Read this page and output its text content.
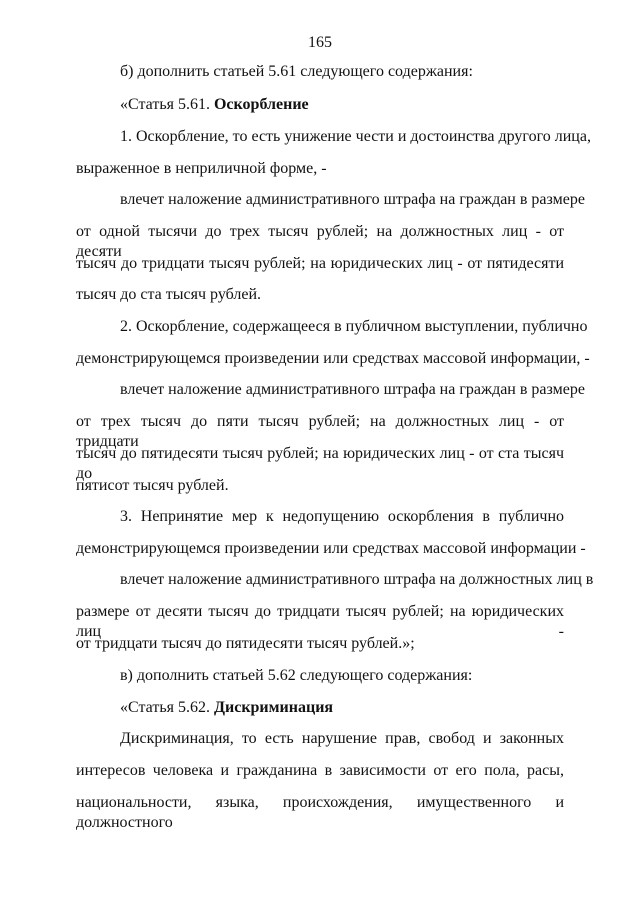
165
б) дополнить статьей 5.61 следующего содержания:
«Статья 5.61. Оскорбление
1. Оскорбление, то есть унижение чести и достоинства другого лица,
выраженное в неприличной форме, -
влечет наложение административного штрафа на граждан в размере
от одной тысячи до трех тысяч рублей; на должностных лиц - от десяти
тысяч до тридцати тысяч рублей; на юридических лиц - от пятидесяти
тысяч до ста тысяч рублей.
2. Оскорбление, содержащееся в публичном выступлении, публично
демонстрирующемся произведении или средствах массовой информации, -
влечет наложение административного штрафа на граждан в размере
от трех тысяч до пяти тысяч рублей; на должностных лиц - от тридцати
тысяч до пятидесяти тысяч рублей; на юридических лиц - от ста тысяч до
пятисот тысяч рублей.
3. Непринятие мер к недопущению оскорбления в публично
демонстрирующемся произведении или средствах массовой информации -
влечет наложение административного штрафа на должностных лиц в
размере от десяти тысяч до тридцати тысяч рублей; на юридических лиц -
от тридцати тысяч до пятидесяти тысяч рублей.»;
в) дополнить статьей 5.62 следующего содержания:
«Статья 5.62. Дискриминация
Дискриминация, то есть нарушение прав, свобод и законных
интересов человека и гражданина в зависимости от его пола, расы,
национальности, языка, происхождения, имущественного и должностного
